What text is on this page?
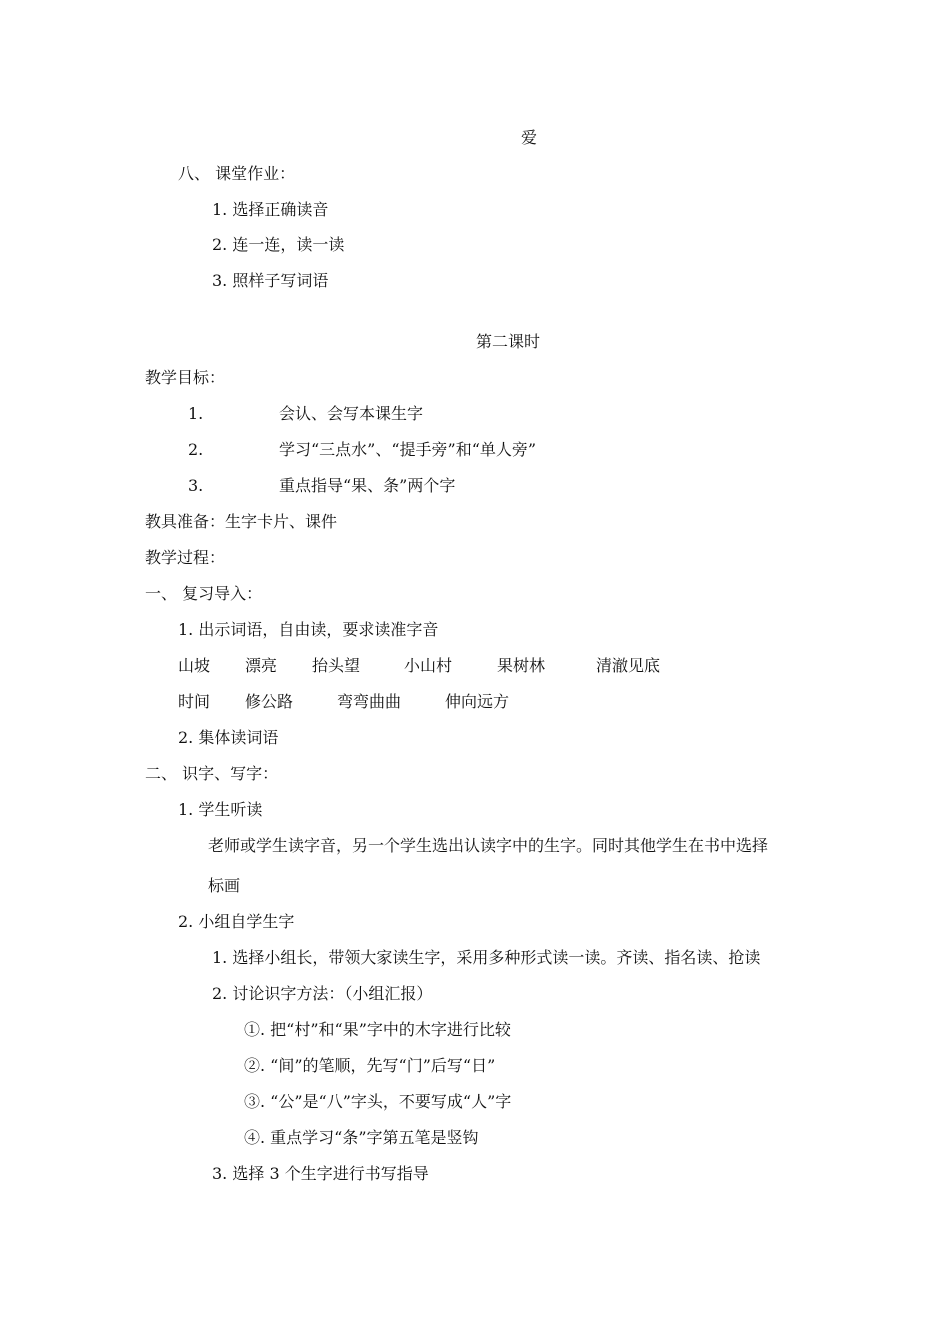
爱
八、 课堂作业：
1. 选择正确读音
2. 连一连，读一读
3. 照样子写词语
第二课时
教学目标：
1.	会认、会写本课生字
2.	学习“三点水”、“提手旁”和“单人旁”
3.	重点指导“果、条”两个字
教具准备：生字卡片、课件
教学过程：
一、 复习导入：
1. 出示词语，自由读，要求读准字音
山坡 漂亮 抬头望	小山村	果树林	清澈见底
时间 修公路	弯弯曲曲	伸向远方
2. 集体读词语
二、 识字、写字：
1. 学生听读
老师或学生读字音，另一个学生选出认读字中的生字。同时其他学生在书中选择
标画
2. 小组自学生字
1. 选择小组长，带领大家读生字，采用多种形式读一读。齐读、指名读、抢读
2. 讨论识字方法：（小组汇报）
①. 把“村”和“果”字中的木字进行比较
②. “间”的笔顺，先写“门”后写“日”
③. “公”是“八”字头，不要写成“人”字
④. 重点学习“条”字第五笔是竖钩
3. 选择 3 个生字进行书写指导
